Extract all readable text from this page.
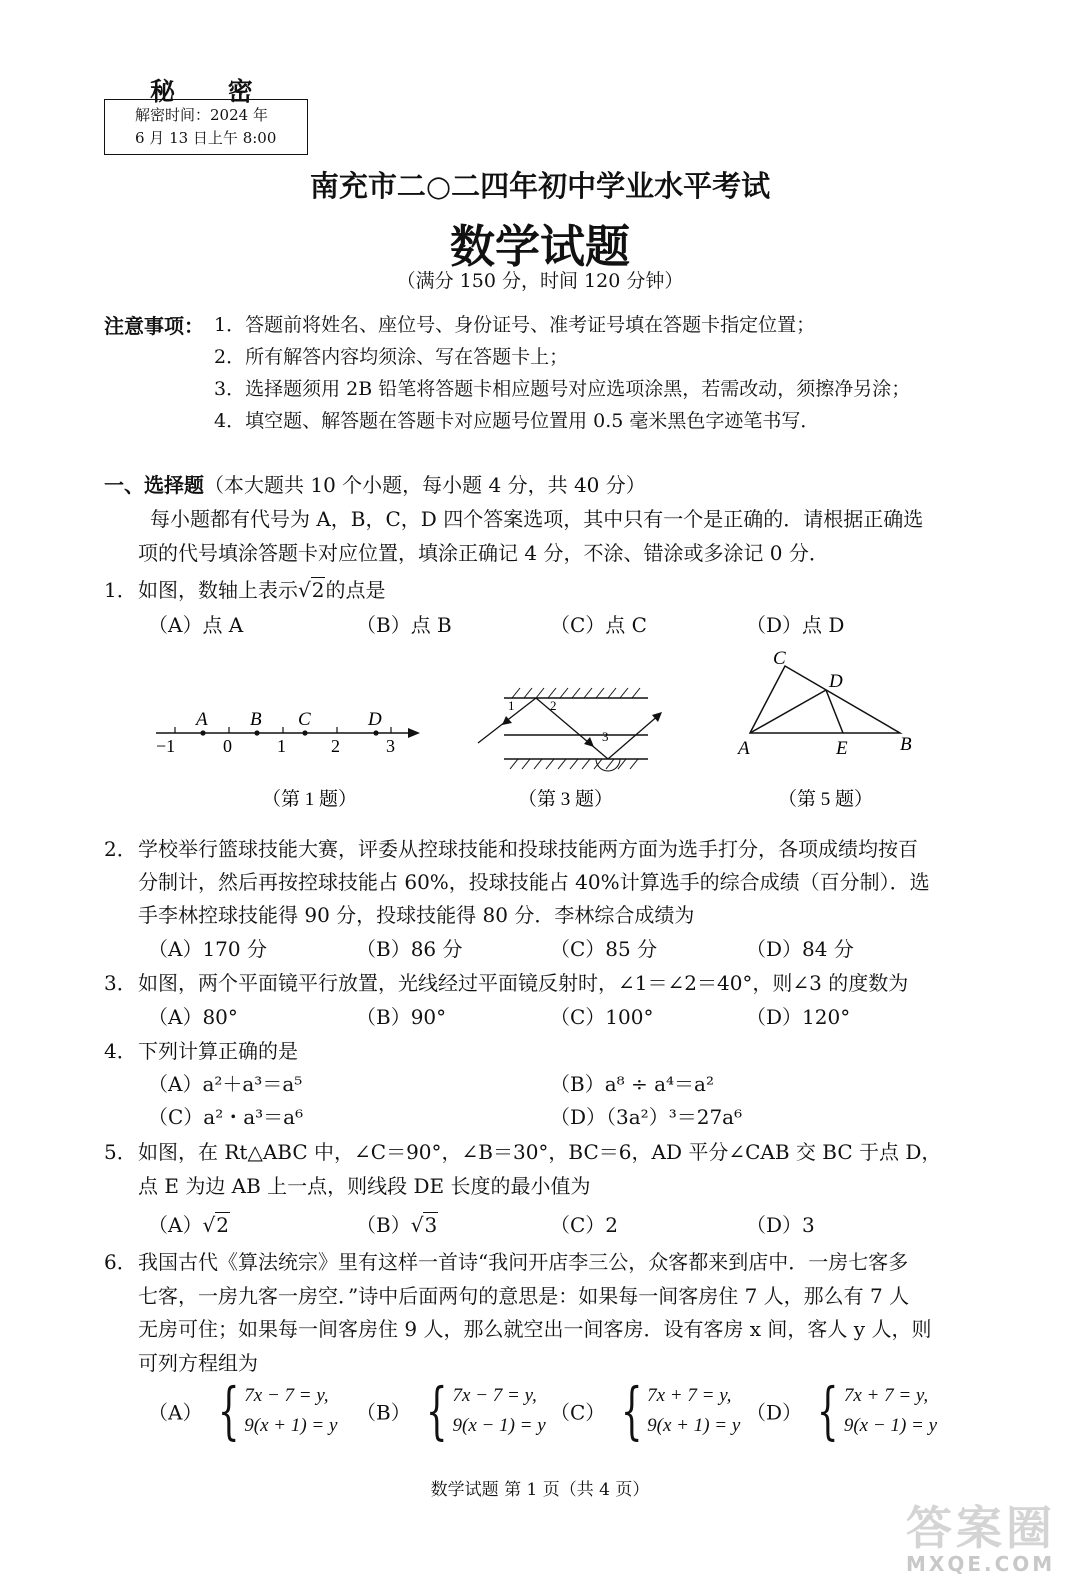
秘 密
解密时间：2024 年
6 月 13 日上午 8:00
南充市二○二四年初中学业水平考试
数学试题
（满分 150 分，时间 120 分钟）
注意事项： 1．答题前将姓名、座位号、身份证号、准考证号填在答题卡指定位置；
2．所有解答内容均须涂、写在答题卡上；
3．选择题须用 2B 铅笔将答题卡相应题号对应选项涂黑，若需改动，须擦净另涂；
4．填空题、解答题在答题卡对应题号位置用 0.5 毫米黑色字迹笔书写．
一、选择题（本大题共 10 个小题，每小题 4 分，共 40 分）
每小题都有代号为 A，B，C，D 四个答案选项，其中只有一个是正确的．请根据正确选
项的代号填涂答题卡对应位置，填涂正确记 4 分，不涂、错涂或多涂记 0 分．
1． 如图，数轴上表示√2的点是
（A）点 A	（B）点 B	（C）点 C	（D）点 D
−1	0	1	2	3
A B C	D
（第 1 题）
1	2
3
（第 3 题）
C
D
A	E	B
（第 5 题）
2． 学校举行篮球技能大赛，评委从控球技能和投球技能两方面为选手打分，各项成绩均按百
分制计，然后再按控球技能占 60%，投球技能占 40%计算选手的综合成绩（百分制）．选
手李林控球技能得 90 分，投球技能得 80 分．李林综合成绩为
（A）170 分	（B）86 分	（C）85 分	（D）84 分
3． 如图，两个平面镜平行放置，光线经过平面镜反射时，∠1＝∠2＝40°，则∠3 的度数为
（A）80°	（B）90°	（C）100°	（D）120°
4． 下列计算正确的是
（A）a²＋a³＝a⁵	（B）a⁸ ÷ a⁴＝a²
（C）a²・a³＝a⁶	（D）（3a²）³＝27a⁶
5． 如图，在 Rt△ABC 中，∠C＝90°，∠B＝30°，BC＝6，AD 平分∠CAB 交 BC 于点 D，
点 E 为边 AB 上一点，则线段 DE 长度的最小值为
（A）√2	（B）√3	（C）2	（D）3
6． 我国古代《算法统宗》里有这样一首诗“我问开店李三公，众客都来到店中．一房七客多
七客，一房九客一房空．”诗中后面两句的意思是：如果每一间客房住 7 人，那么有 7 人
无房可住；如果每一间客房住 9 人，那么就空出一间客房．设有客房 x 间，客人 y 人，则
可列方程组为
（A） { 7x − 7 = y,
9(x + 1) = y
（B） { 7x − 7 = y,
9(x − 1) = y
（C） { 7x + 7 = y,
9(x + 1) = y
（D） { 7x + 7 = y,
9(x − 1) = y
数学试题 第 1 页（共 4 页）
答案圈
MXQE.COM
